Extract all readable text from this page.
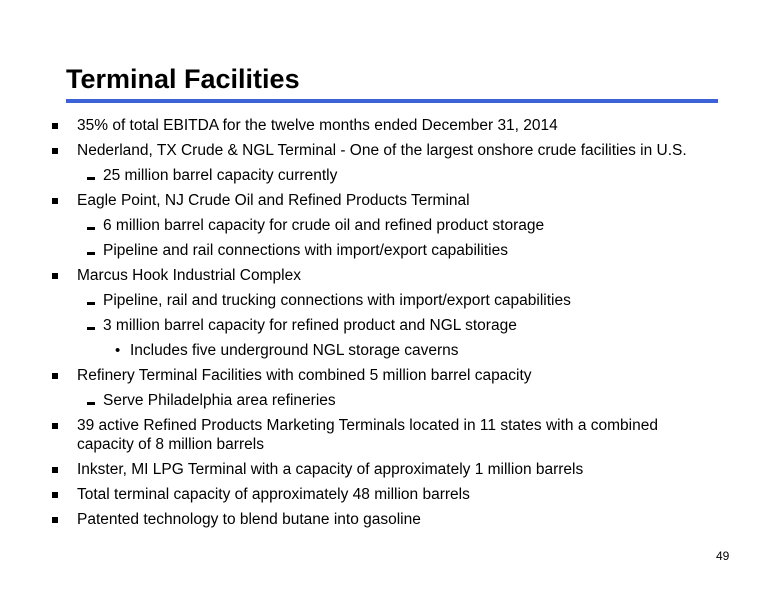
Terminal Facilities
35% of total EBITDA for the twelve months ended December 31, 2014
Nederland, TX Crude & NGL Terminal - One of the largest onshore crude facilities in U.S.
25 million barrel capacity currently
Eagle Point, NJ Crude Oil and Refined Products Terminal
6 million barrel capacity for crude oil and refined product storage
Pipeline and rail connections with import/export capabilities
Marcus Hook Industrial Complex
Pipeline, rail and trucking connections with import/export capabilities
3 million barrel capacity for refined product and NGL storage
• Includes five underground NGL storage caverns
Refinery Terminal Facilities with combined 5 million barrel capacity
Serve Philadelphia area refineries
39 active Refined Products Marketing Terminals located in 11 states with a combined capacity of 8 million barrels
Inkster, MI LPG Terminal with a capacity of approximately 1 million barrels
Total terminal capacity of approximately 48 million barrels
Patented technology to blend butane into gasoline
49
